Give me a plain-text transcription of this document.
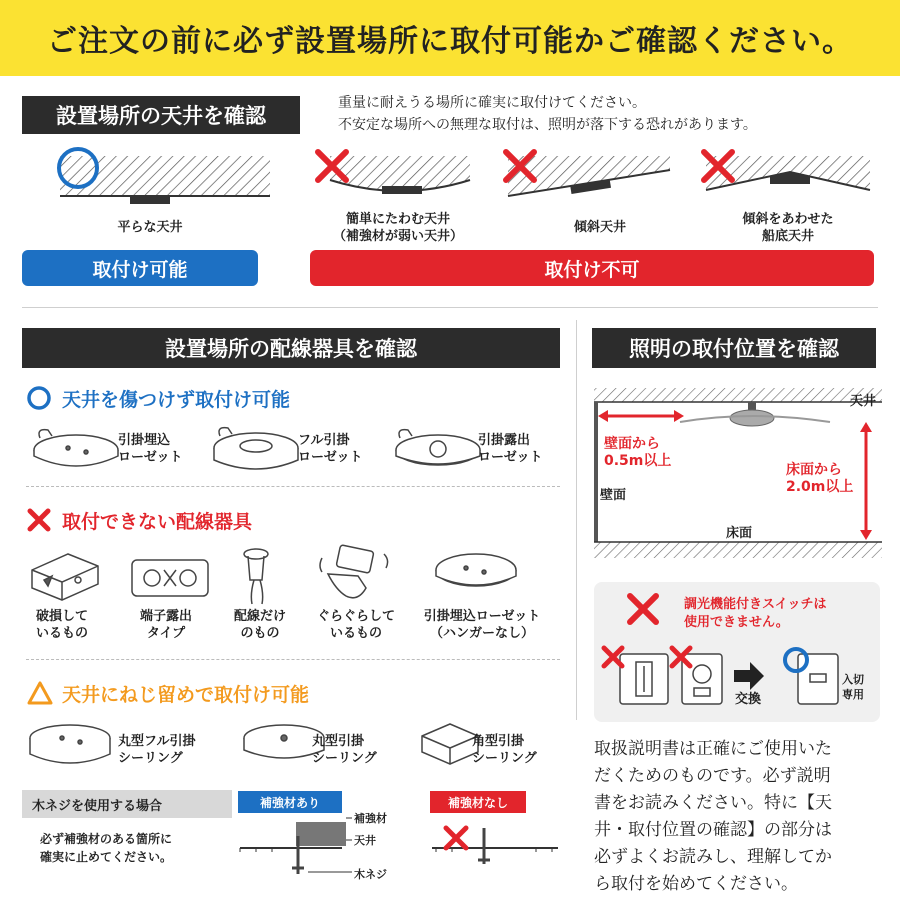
ご注文の前に必ず設置場所に取付可能かご確認ください。
設置場所の天井を確認
重量に耐えうる場所に確実に取付けてください。
不安定な場所への無理な取付は、照明が落下する恐れがあります。
平らな天井
簡単にたわむ天井
（補強材が弱い天井）
傾斜天井
傾斜をあわせた
船底天井
取付け可能	取付け不可
設置場所の配線器具を確認
天井を傷つけず取付け可能
引掛埋込
ローゼット
フル引掛
ローゼット
引掛露出
ローゼット
取付できない配線器具
破損して
いるもの
端子露出
タイプ
配線だけ
のもの
ぐらぐらして
いるもの
引掛埋込ローゼット
（ハンガーなし）
天井にねじ留めで取付け可能
丸型フル引掛
シーリング
丸型引掛
シーリング
角型引掛
シーリング
木ネジを使用する場合
必ず補強材のある箇所に
確実に止めてください。
補強材あり	補強材なし
補強材
天井
木ネジ
照明の取付位置を確認
天井
壁面から
0.5m以上
床面から
2.0m以上
壁面
床面
調光機能付きスイッチは
使用できません。
交換
入切
専用
取扱説明書は正確にご使用いた
だくためのものです。必ず説明
書をお読みください。特に【天
井・取付位置の確認】の部分は
必ずよくお読みし、理解してか
ら取付を始めてください。
